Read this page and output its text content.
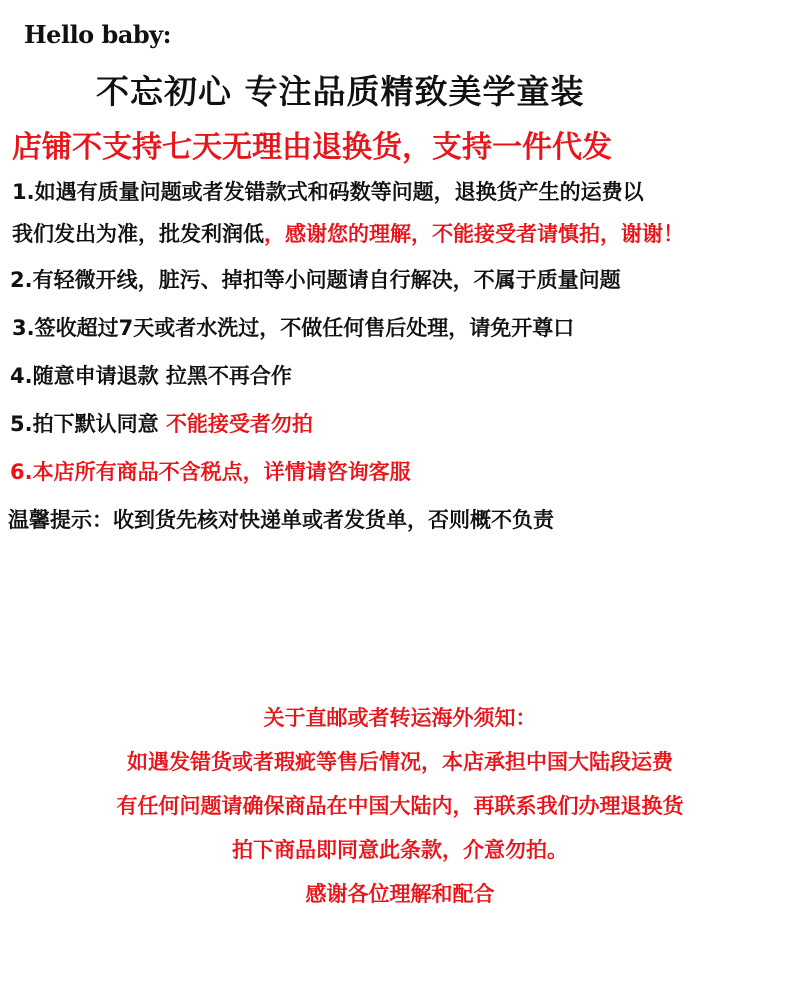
Hello baby:
不忘初心 专注品质精致美学童装
店铺不支持七天无理由退换货，支持一件代发
1.如遇有质量问题或者发错款式和码数等问题，退换货产生的运费以
我们发出为准，批发利润低，感谢您的理解，不能接受者请慎拍，谢谢！
2.有轻微开线，脏污、掉扣等小问题请自行解决，不属于质量问题
3.签收超过7天或者水洗过，不做任何售后处理，请免开尊口
4.随意申请退款 拉黑不再合作
5.拍下默认同意 不能接受者勿拍
6.本店所有商品不含税点，详情请咨询客服
温馨提示：收到货先核对快递单或者发货单，否则概不负责
关于直邮或者转运海外须知：
如遇发错货或者瑕疵等售后情况，本店承担中国大陆段运费
有任何问题请确保商品在中国大陆内，再联系我们办理退换货
拍下商品即同意此条款，介意勿拍。
感谢各位理解和配合
